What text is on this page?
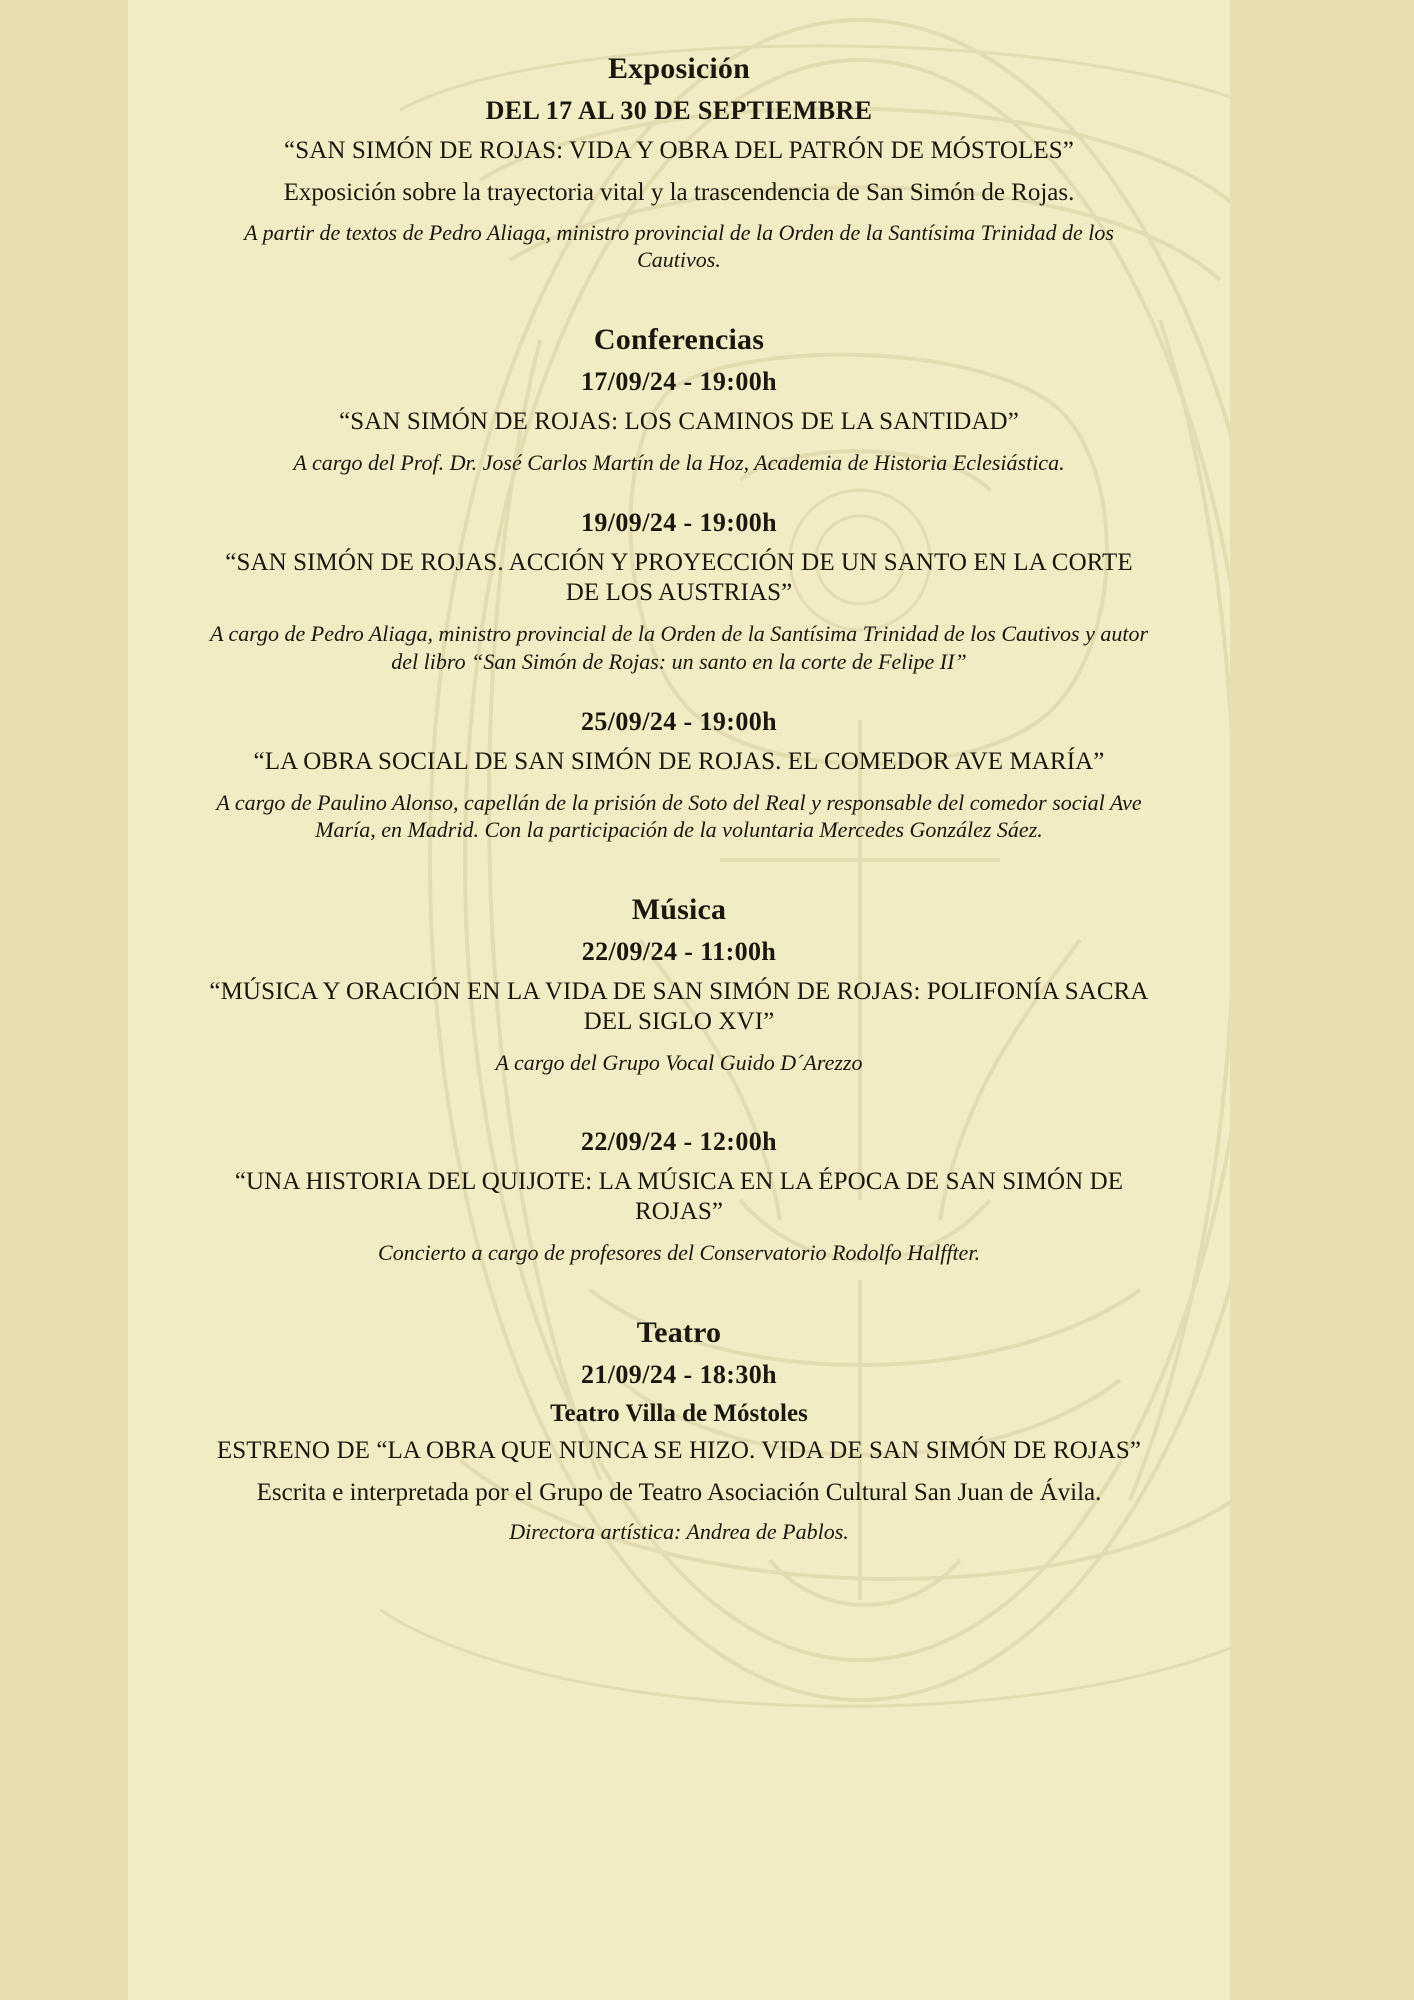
Exposición
DEL 17 AL 30 DE SEPTIEMBRE
“SAN SIMÓN DE ROJAS: VIDA Y OBRA DEL PATRÓN DE MÓSTOLES”
Exposición sobre la trayectoria vital y la trascendencia de San Simón de Rojas.
A partir de textos de Pedro Aliaga, ministro provincial de la Orden de la Santísima Trinidad de los Cautivos.
Conferencias
17/09/24 - 19:00h
“SAN SIMÓN DE ROJAS: LOS CAMINOS DE LA SANTIDAD”
A cargo del Prof. Dr. José Carlos Martín de la Hoz, Academia de Historia Eclesiástica.
19/09/24 - 19:00h
“SAN SIMÓN DE ROJAS. ACCIÓN Y PROYECCIÓN DE UN SANTO EN LA CORTE DE LOS AUSTRIAS”
A cargo de Pedro Aliaga, ministro provincial de la Orden de la Santísima Trinidad de los Cautivos y autor del libro “San Simón de Rojas: un santo en la corte de Felipe II”
25/09/24 - 19:00h
“LA OBRA SOCIAL DE SAN SIMÓN DE ROJAS. EL COMEDOR AVE MARÍA”
A cargo de Paulino Alonso, capellán de la prisión de Soto del Real y responsable del comedor social Ave María, en Madrid. Con la participación de la voluntaria Mercedes González Sáez.
Música
22/09/24 - 11:00h
“MÚSICA Y ORACIÓN EN LA VIDA DE SAN SIMÓN DE ROJAS: POLIFONÍA SACRA DEL SIGLO XVI”
A cargo del Grupo Vocal Guido D´Arezzo
22/09/24 - 12:00h
“UNA HISTORIA DEL QUIJOTE: LA MÚSICA EN LA ÉPOCA DE SAN SIMÓN DE ROJAS”
Concierto a cargo de profesores del Conservatorio Rodolfo Halffter.
Teatro
21/09/24 - 18:30h
Teatro Villa de Móstoles
ESTRENO DE “LA OBRA QUE NUNCA SE HIZO. VIDA DE SAN SIMÓN DE ROJAS”
Escrita e interpretada por el Grupo de Teatro Asociación Cultural San Juan de Ávila.
Directora artística: Andrea de Pablos.
